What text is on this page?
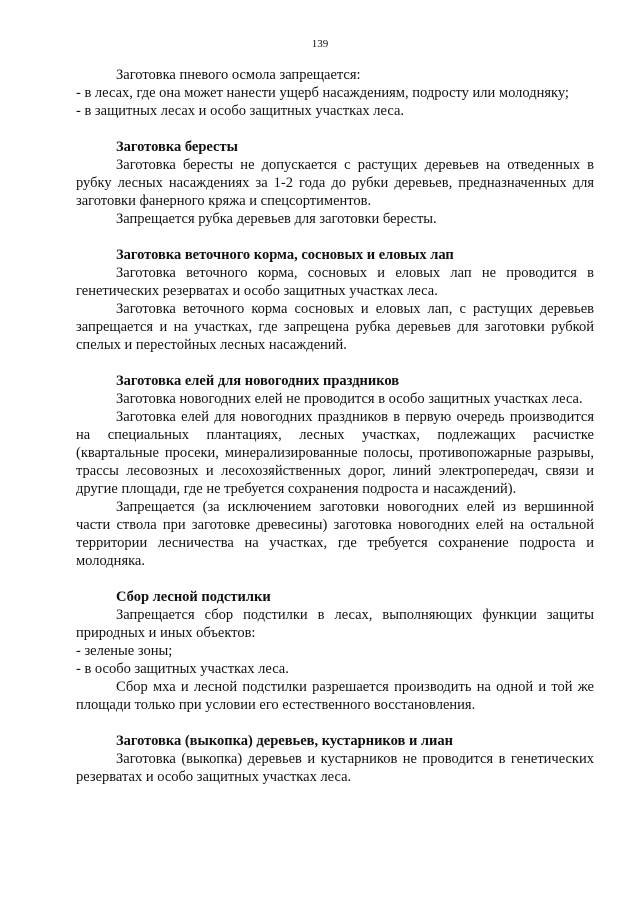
139

Заготовка пневого осмола запрещается:

- в лесах, где она может нанести ущерб насаждениям, подросту или молодняку;

- в защитных лесах и особо защитных участках леса.

Заготовка бересты

Заготовка бересты не допускается с растущих деревьев на отведенных в рубку лесных насаждениях за 1-2 года до рубки деревьев, предназначенных для заготовки фанерного кряжа и спецсортиментов.

Запрещается рубка деревьев для заготовки бересты.

Заготовка веточного корма, сосновых и еловых лап

Заготовка веточного корма, сосновых и еловых лап не проводится в генетических резерватах и особо защитных участках леса.

Заготовка веточного корма сосновых и еловых лап, с растущих деревьев запрещается и на участках, где запрещена рубка деревьев для заготовки рубкой спелых и перестойных лесных насаждений.

Заготовка елей для новогодних праздников

Заготовка новогодних елей не проводится в особо защитных участках леса.

Заготовка елей для новогодних праздников в первую очередь производится на специальных плантациях, лесных участках, подлежащих расчистке (квартальные просеки, минерализированные полосы, противопожарные разрывы, трассы лесовозных и лесохозяйственных дорог, линий электропередач, связи и другие площади, где не требуется сохранения подроста и насаждений).

Запрещается (за исключением заготовки новогодних елей из вершинной части ствола при заготовке древесины) заготовка новогодних елей на остальной территории лесничества на участках, где требуется сохранение подроста и молодняка.

Сбор лесной подстилки

Запрещается сбор подстилки в лесах, выполняющих функции защиты природных и иных объектов:

- зеленые зоны;

- в особо защитных участках леса.

Сбор мха и лесной подстилки разрешается производить на одной и той же площади только при условии его естественного восстановления.

Заготовка (выкопка) деревьев, кустарников и лиан

Заготовка (выкопка) деревьев и кустарников не проводится в генетических резерватах и особо защитных участках леса.
